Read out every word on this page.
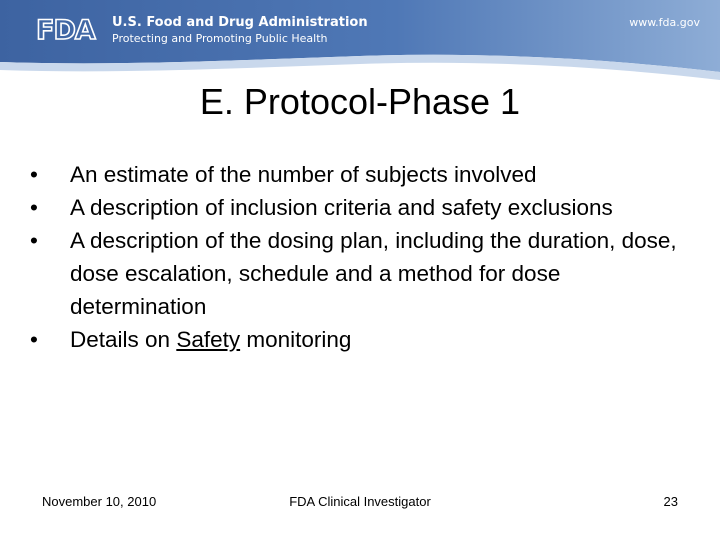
FDA U.S. Food and Drug Administration
Protecting and Promoting Public Health
www.fda.gov
E. Protocol-Phase 1
•	An estimate of the number of subjects involved
•	A description of inclusion criteria and safety exclusions
•	A description of the dosing plan, including the duration, dose, dose escalation, schedule and a method for dose determination
•	Details on Safety monitoring
November 10, 2010	FDA Clinical Investigator	23
